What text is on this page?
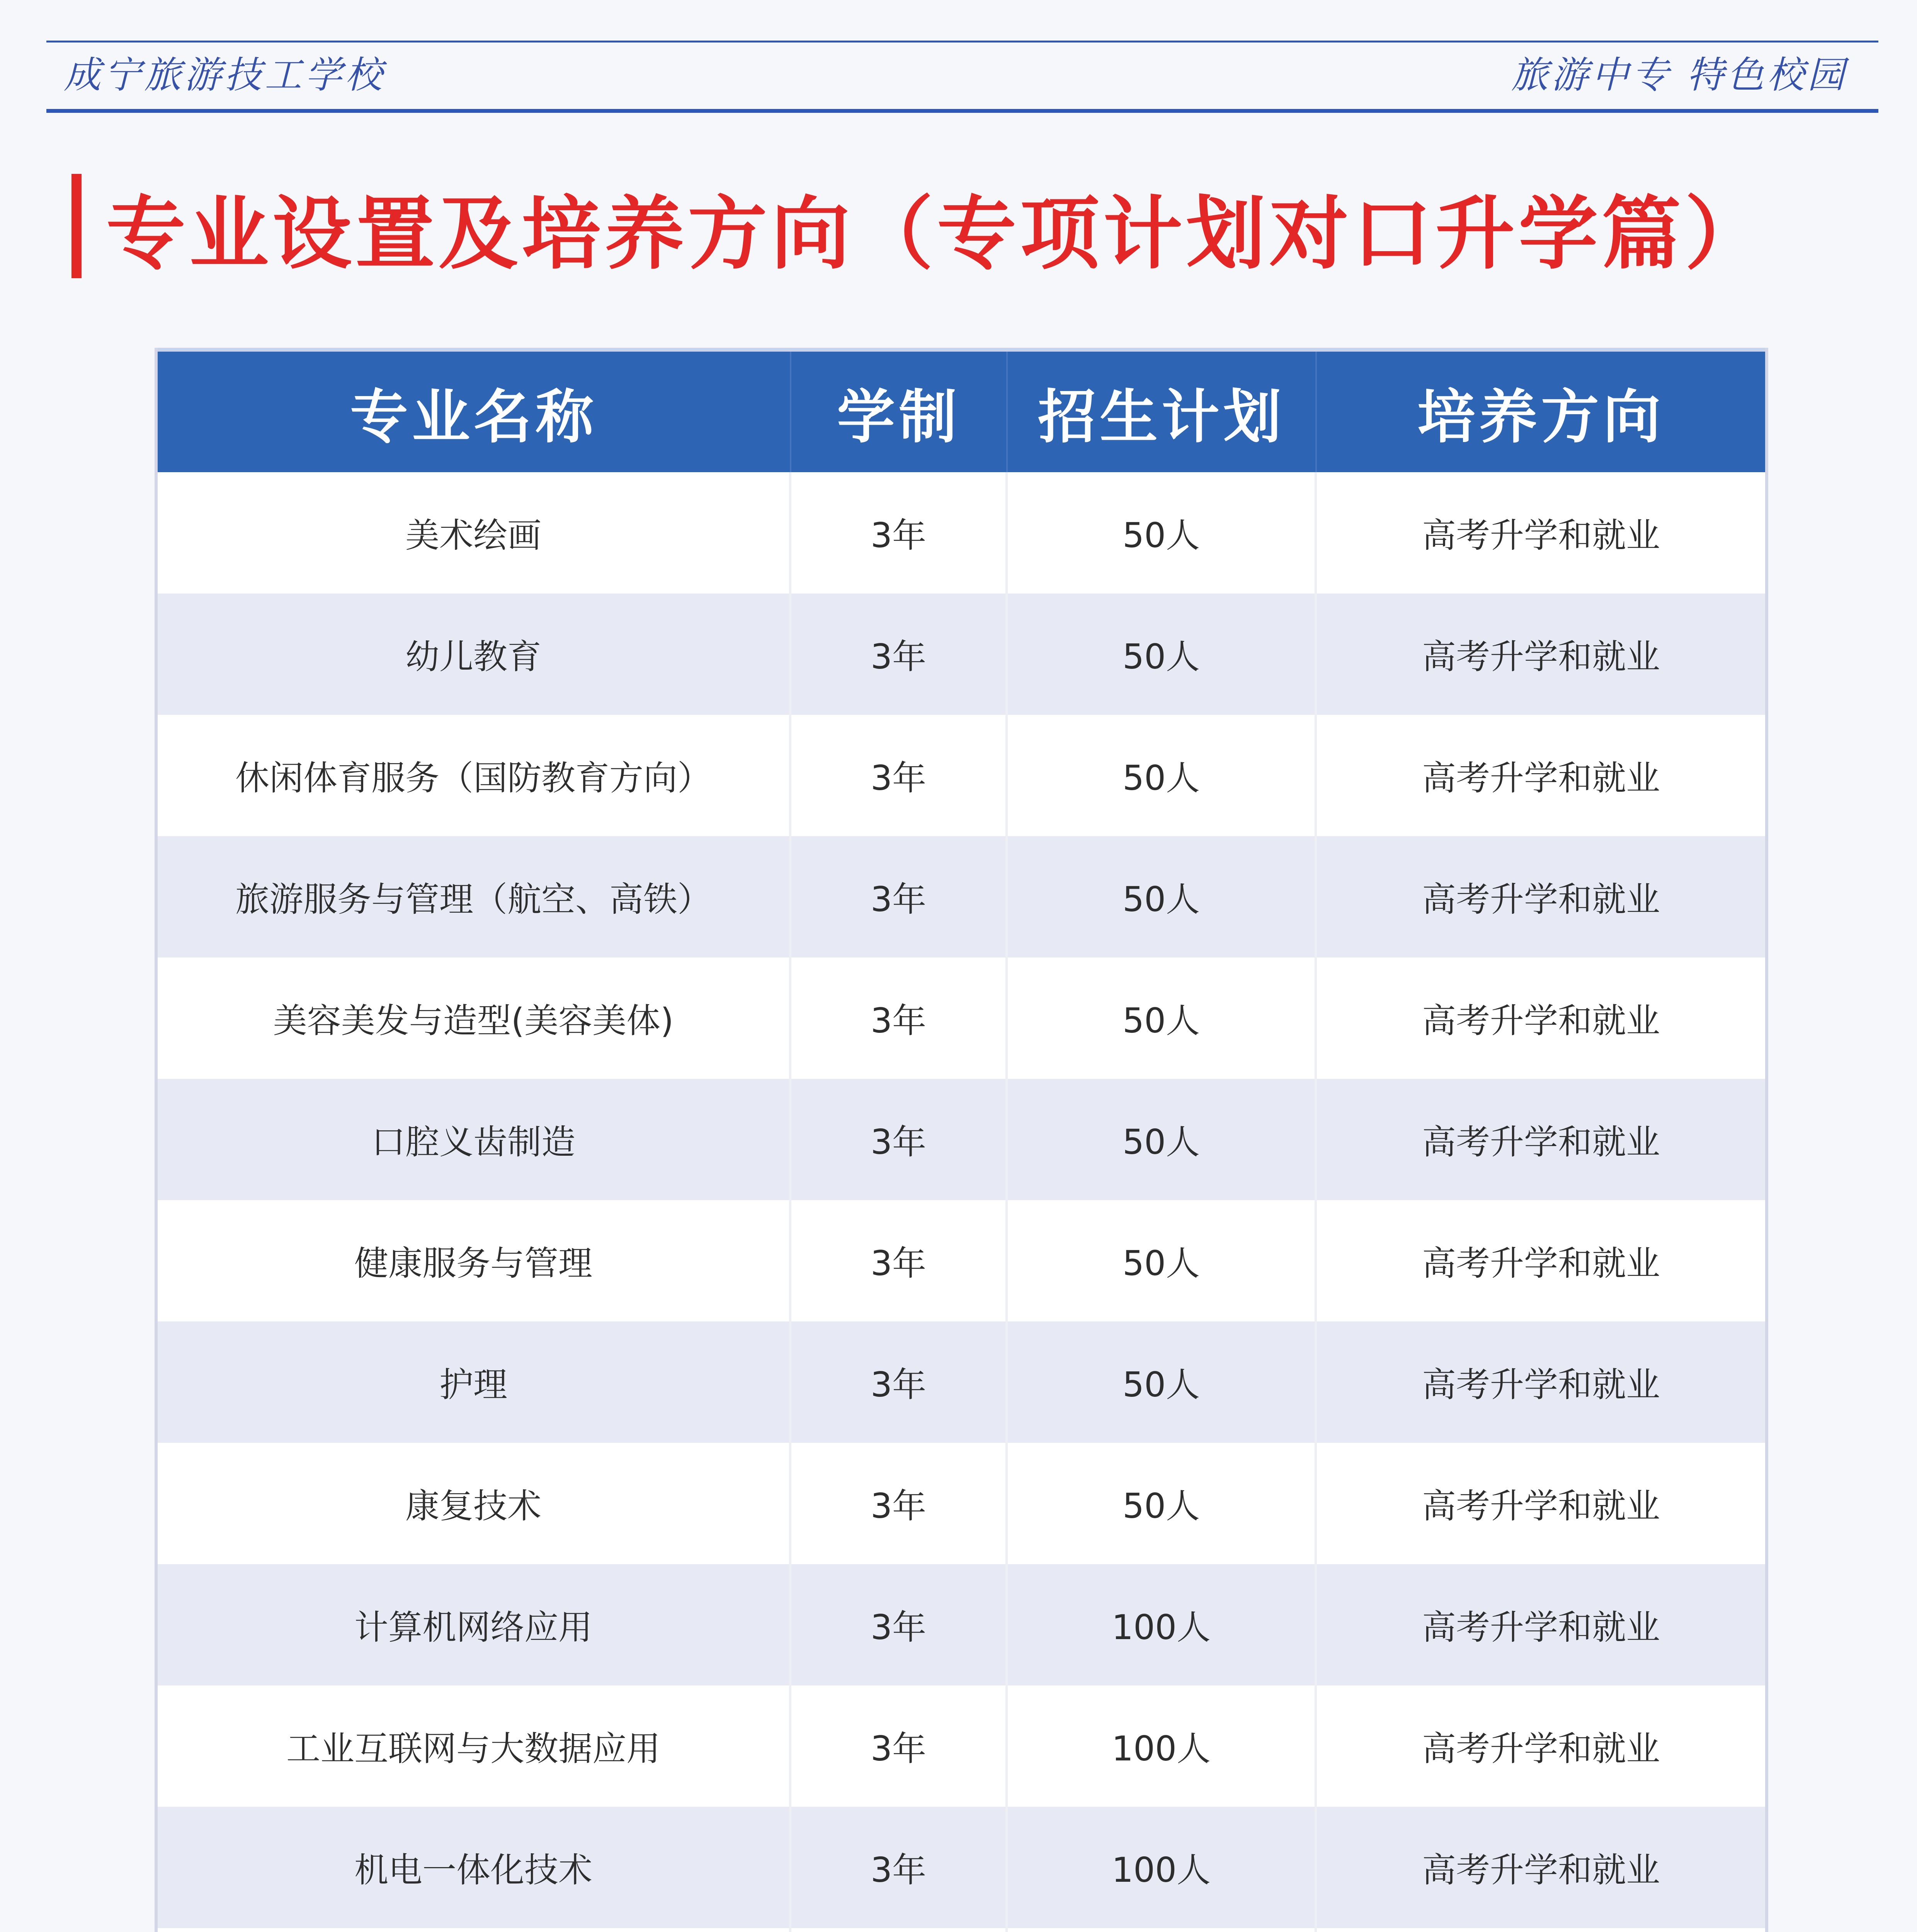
成宁旅游技工学校	旅游中专 特色校园
专业设置及培养方向（专项计划对口升学篇）
专业名称	学制	招生计划	培养方向
美术绘画	3年	50人	高考升学和就业
幼儿教育	3年	50人	高考升学和就业
休闲体育服务（国防教育方向）	3年	50人	高考升学和就业
旅游服务与管理（航空、高铁）	3年	50人	高考升学和就业
美容美发与造型(美容美体)	3年	50人	高考升学和就业
口腔义齿制造	3年	50人	高考升学和就业
健康服务与管理	3年	50人	高考升学和就业
护理	3年	50人	高考升学和就业
康复技术	3年	50人	高考升学和就业
计算机网络应用	3年	100人	高考升学和就业
工业互联网与大数据应用	3年	100人	高考升学和就业
机电一体化技术	3年	100人	高考升学和就业
